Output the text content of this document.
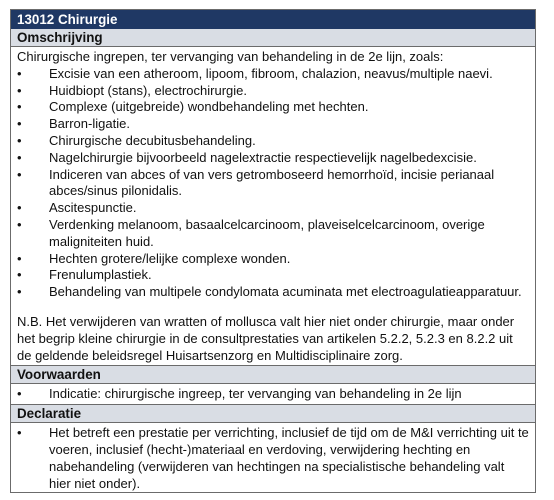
13012 Chirurgie
Omschrijving

Chirurgische ingrepen, ter vervanging van behandeling in de 2e lijn, zoals:

•	Excisie van een atheroom, lipoom, fibroom, chalazion, neavus/multiple naevi.
•	Huidbiopt (stans), electrochirurgie.
•	Complexe (uitgebreide) wondbehandeling met hechten.
•	Barron-ligatie.
•	Chirurgische decubitusbehandeling.
•	Nagelchirurgie bijvoorbeeld nagelextractie respectievelijk nagelbedexcisie.
•	Indiceren van abces of van vers getromboseerd hemorrhoïd, incisie perianaal abces/sinus pilonidalis.
•	Ascitespunctie.
•	Verdenking melanoom, basaalcelcarcinoom, plaveiselcelcarcinoom, overige maligniteiten huid.
•	Hechten grotere/lelijke complexe wonden.
•	Frenulumplastiek.
•	Behandeling van multipele condylomata acuminata met electroagulatieapparatuur.

N.B. Het verwijderen van wratten of mollusca valt hier niet onder chirurgie, maar onder het begrip kleine chirurgie in de consultprestaties van artikelen 5.2.2, 5.2.3 en 8.2.2 uit de geldende beleidsregel Huisartsenzorg en Multidisciplinaire zorg.

Voorwaarden
•	Indicatie: chirurgische ingreep, ter vervanging van behandeling in 2e lijn
Declaratie
•	Het betreft een prestatie per verrichting, inclusief de tijd om de M&I verrichting uit te voeren, inclusief (hecht-)materiaal en verdoving, verwijdering hechting en nabehandeling (verwijderen van hechtingen na specialistische behandeling valt hier niet onder).
